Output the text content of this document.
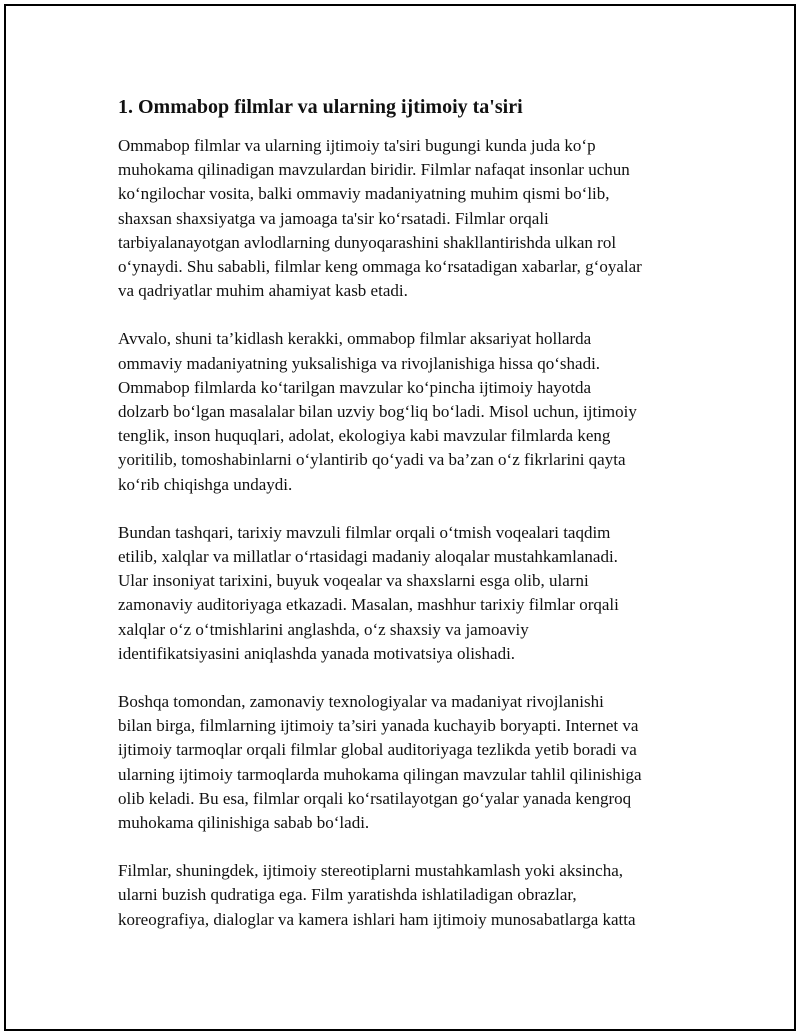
1. Ommabop filmlar va ularning ijtimoiy ta'siri
Ommabop filmlar va ularning ijtimoiy ta'siri bugungi kunda juda ko‘p
muhokama qilinadigan mavzulardan biridir. Filmlar nafaqat insonlar uchun
ko‘ngilochar vosita, balki ommaviy madaniyatning muhim qismi bo‘lib,
shaxsan shaxsiyatga va jamoaga ta'sir ko‘rsatadi. Filmlar orqali
tarbiyalanayotgan avlodlarning dunyoqarashini shakllantirishda ulkan rol
o‘ynaydi. Shu sababli, filmlar keng ommaga ko‘rsatadigan xabarlar, g‘oyalar
va qadriyatlar muhim ahamiyat kasb etadi.
Avvalo, shuni ta’kidlash kerakki, ommabop filmlar aksariyat hollarda
ommaviy madaniyatning yuksalishiga va rivojlanishiga hissa qo‘shadi.
Ommabop filmlarda ko‘tarilgan mavzular ko‘pincha ijtimoiy hayotda
dolzarb bo‘lgan masalalar bilan uzviy bog‘liq bo‘ladi. Misol uchun, ijtimoiy
tenglik, inson huquqlari, adolat, ekologiya kabi mavzular filmlarda keng
yoritilib, tomoshabinlarni o‘ylantirib qo‘yadi va ba’zan o‘z fikrlarini qayta
ko‘rib chiqishga undaydi.
Bundan tashqari, tarixiy mavzuli filmlar orqali o‘tmish voqealari taqdim
etilib, xalqlar va millatlar o‘rtasidagi madaniy aloqalar mustahkamlanadi.
Ular insoniyat tarixini, buyuk voqealar va shaxslarni esga olib, ularni
zamonaviy auditoriyaga etkazadi. Masalan, mashhur tarixiy filmlar orqali
xalqlar o‘z o‘tmishlarini anglashda, o‘z shaxsiy va jamoaviy
identifikatsiyasini aniqlashda yanada motivatsiya olishadi.
Boshqa tomondan, zamonaviy texnologiyalar va madaniyat rivojlanishi
bilan birga, filmlarning ijtimoiy ta’siri yanada kuchayib boryapti. Internet va
ijtimoiy tarmoqlar orqali filmlar global auditoriyaga tezlikda yetib boradi va
ularning ijtimoiy tarmoqlarda muhokama qilingan mavzular tahlil qilinishiga
olib keladi. Bu esa, filmlar orqali ko‘rsatilayotgan go‘yalar yanada kengroq
muhokama qilinishiga sabab bo‘ladi.
Filmlar, shuningdek, ijtimoiy stereotiplarni mustahkamlash yoki aksincha,
ularni buzish qudratiga ega. Film yaratishda ishlatiladigan obrazlar,
koreografiya, dialoglar va kamera ishlari ham ijtimoiy munosabatlarga katta
